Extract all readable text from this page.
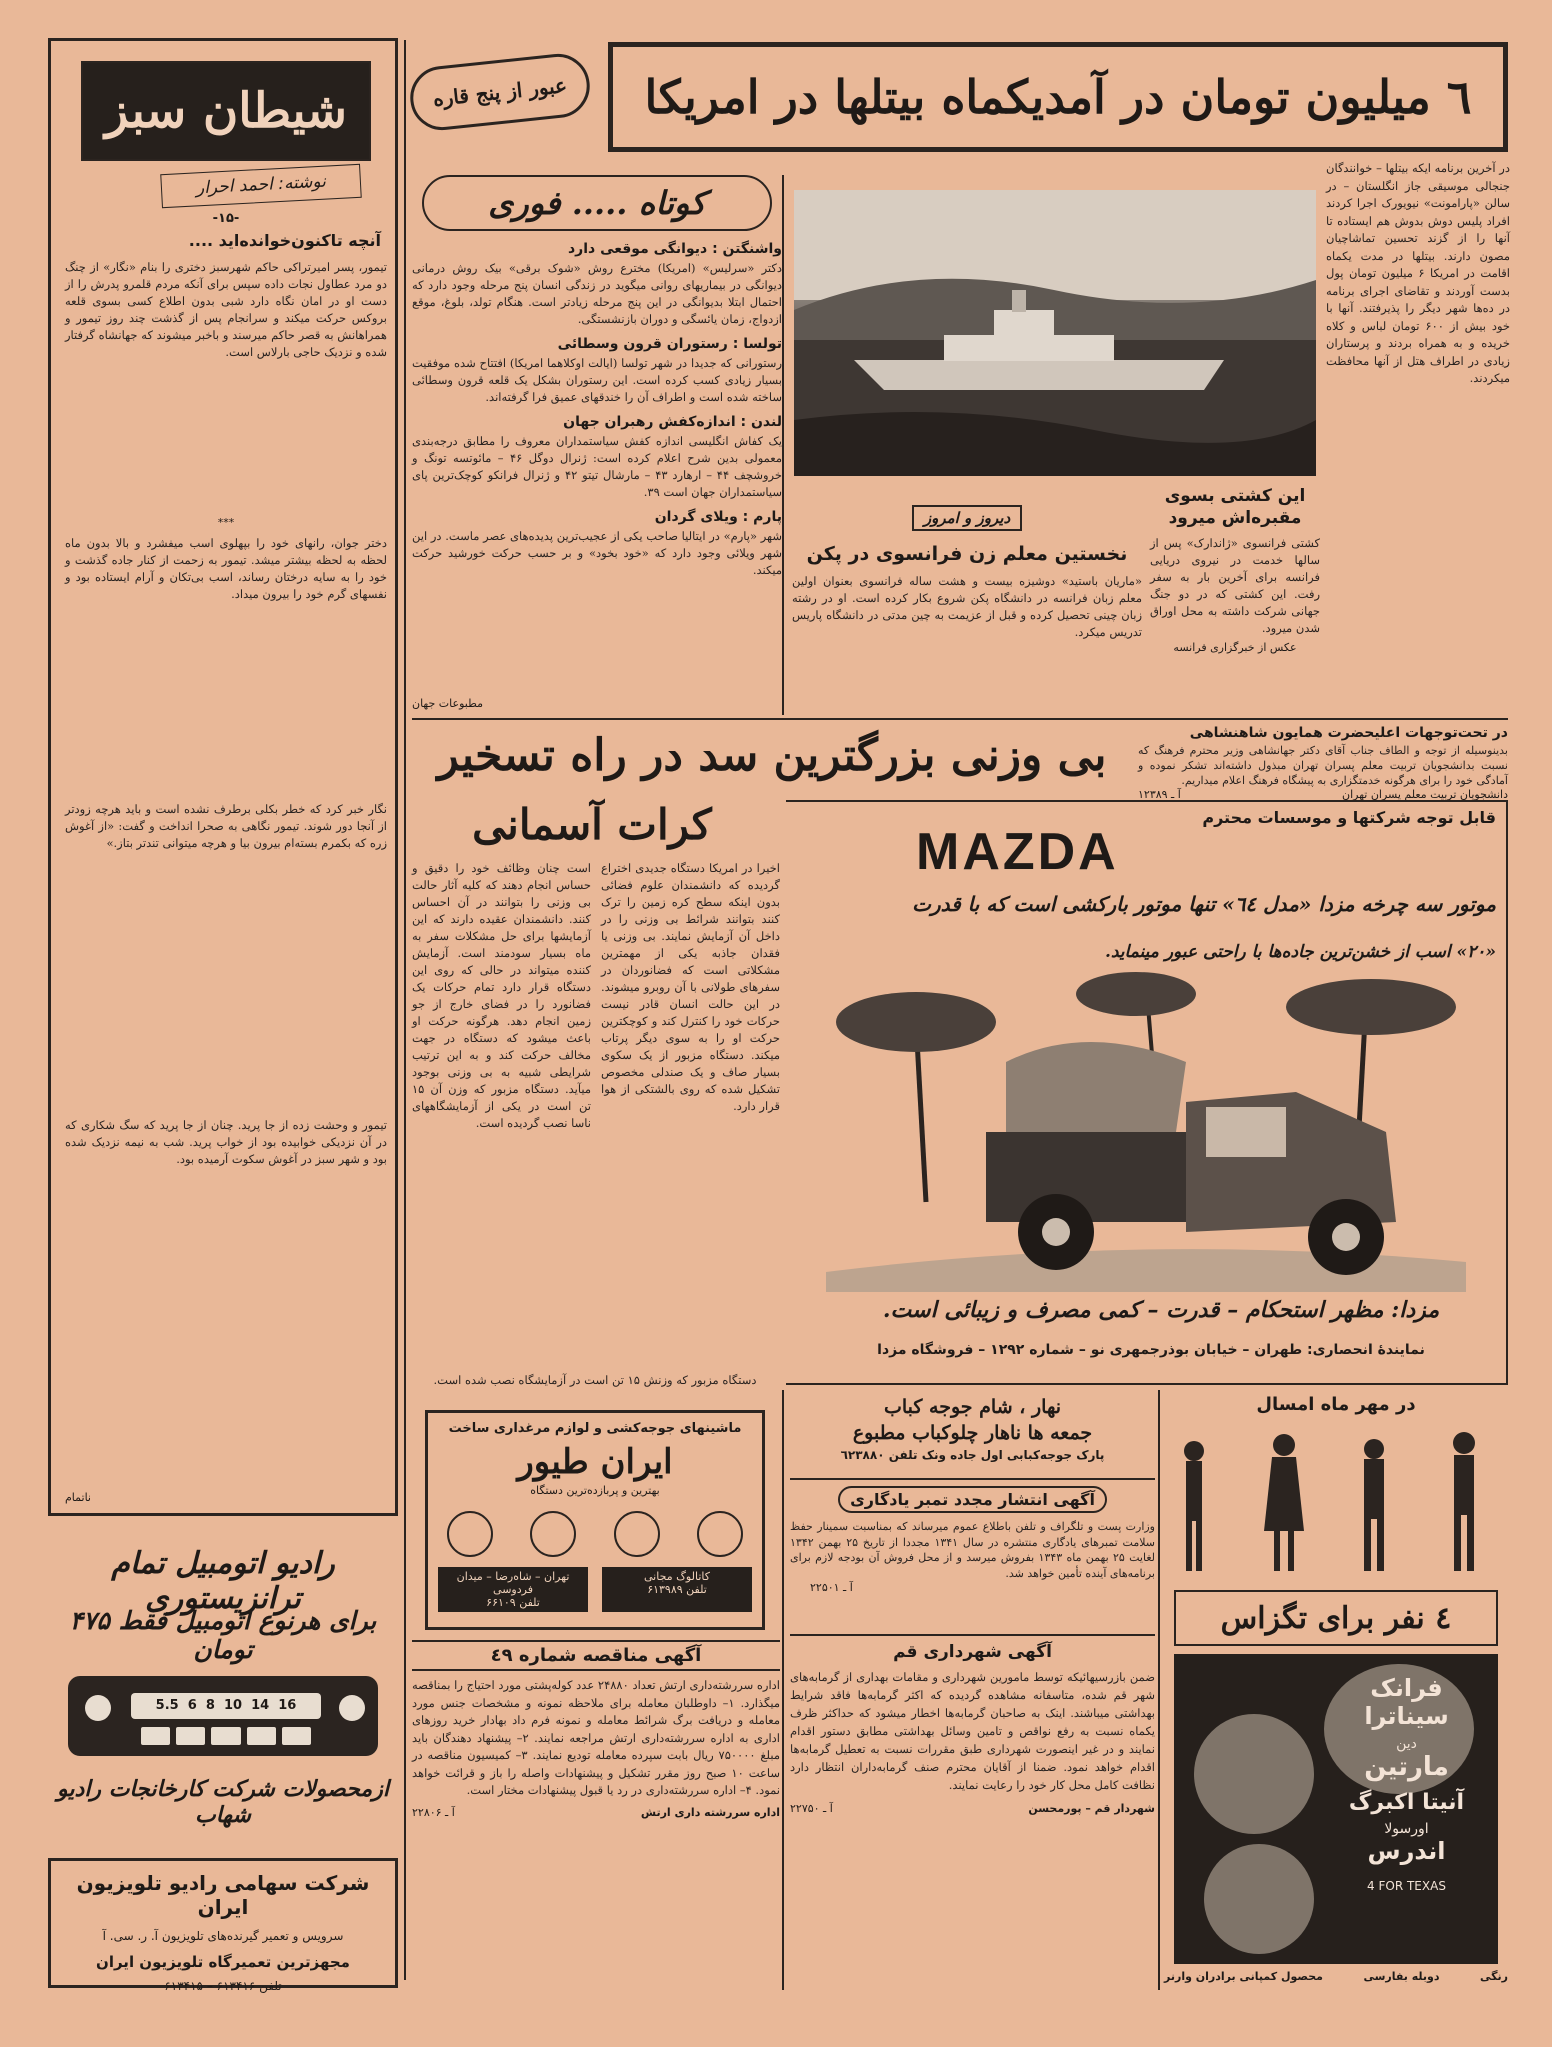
٦ میلیون تومان در آمدیکماه بیتلها در امریکا
عبور از پنج قاره
شیطان سبز
نوشته: احمد احرار
-۱۵-
آنچه تاکنون‌خوانده‌اید ....
تیمور، پسر امیرتراکی حاکم شهرسبز دختری را بنام «نگار» از چنگ دو مرد عطاول نجات داده سپس برای آنکه مردم قلمرو پدرش را از دست او در امان نگاه دارد شبی بدون اطلاع کسی بسوی قلعه بروکس حرکت میکند و سرانجام پس از گذشت چند روز تیمور و همراهانش به قصر حاکم میرسند و باخبر میشوند که جهانشاه گرفتار شده و نزدیک حاجی بارلاس است.
***
دختر جوان، رانهای خود را بپهلوی اسب میفشرد و بالا بدون ماه لحظه به لحظه بیشتر میشد. تیمور به زحمت از کنار جاده گذشت و خود را به سایه درختان رساند، اسب بی‌تکان و آرام ایستاده بود و نفسهای گرم خود را بیرون میداد.
نگار خبر کرد که خطر بکلی برطرف نشده است و باید هرچه زودتر از آنجا دور شوند. تیمور نگاهی به صحرا انداخت و گفت: «از آغوش زره که بکمرم بسته‌ام بیرون بیا و هرچه میتوانی تندتر بتاز.»
تیمور و وحشت زده از جا پرید. چنان از جا پرید که سگ شکاری که در آن نزدیکی خوابیده بود از خواب پرید. شب به نیمه نزدیک شده بود و شهر سبز در آغوش سکوت آرمیده بود.
ناتمام
رادیو اتومبیل تمام ترانزیستوری
برای هرنوع اتومبیل فقط ۴۷۵ تومان
5.5  6  8  10  14  16
ازمحصولات شرکت کارخانجات رادیو شهاب
شرکت سهامی رادیو تلویزیون ایران
سرویس و تعمیر گیرنده‌های تلویزیون آ. ر. سی. آ
مجهزترین تعمیرگاه تلویزیون ایران
تلفن ۶۱۳۴۱۶ – ۶۱۳۴۱۵
کوتاه ..... فوری
واشنگتن : دیوانگی موقعی دارد
دکتر «سرلیس» (امریکا) مخترع روش «شوک برقی» بیک روش درمانی دیوانگی در بیماریهای روانی میگوید در زندگی انسان پنج مرحله وجود دارد که احتمال ابتلا بدیوانگی در این پنج مرحله زیادتر است. هنگام تولد، بلوغ، موقع ازدواج، زمان یائسگی و دوران بازنشستگی.
تولسا : رستوران قرون وسطائی
رستورانی که جدیدا در شهر تولسا (ایالت اوکلاهما امریکا) افتتاح شده موفقیت بسیار زیادی کسب کرده است. این رستوران بشکل یک قلعه قرون وسطائی ساخته شده است و اطراف آن را خندقهای عمیق فرا گرفته‌اند.
لندن : اندازه‌کفش رهبران جهان
یک کفاش انگلیسی اندازه کفش سیاستمداران معروف را مطابق درجه‌بندی معمولی بدین شرح اعلام کرده است: ژنرال دوگل ۴۶ – مائوتسه تونگ و خروشچف ۴۴ – ارهارد ۴۳ – مارشال تیتو ۴۲ و ژنرال فرانکو کوچک‌ترین پای سیاستمداران جهان است ۳۹.
پارم : ویلای گردان
شهر «پارم» در ایتالیا صاحب یکی از عجیب‌ترین پدیده‌های عصر ماست. در این شهر ویلائی وجود دارد که «خود بخود» و بر حسب حرکت خورشید حرکت میکند.
مطبوعات جهان
در آخرین برنامه ایکه بیتلها – خوانندگان جنجالی موسیقی جاز انگلستان – در سالن «پارامونت» نیویورک اجرا کردند افراد پلیس دوش بدوش هم ایستاده تا آنها را از گزند تحسین تماشاچیان مصون دارند. بیتلها در مدت یکماه اقامت در امریکا ۶ میلیون تومان پول بدست آوردند و تقاضای اجرای برنامه در ده‌ها شهر دیگر را پذیرفتند. آنها با خود بیش از ۶۰۰ تومان لباس و کلاه خریده و به همراه بردند و پرستاران زیادی در اطراف هتل از آنها محافظت میکردند.
این کشتی بسوی مقبره‌اش میرود
کشتی فرانسوی «ژاندارک» پس از سالها خدمت در نیروی دریایی فرانسه برای آخرین بار به سفر رفت. این کشتی که در دو جنگ جهانی شرکت داشته به محل اوراق شدن میرود.
عکس از خبرگزاری فرانسه
دیروز و امروز
نخستین معلم زن فرانسوی در پکن
«ماریان باستید» دوشیزه بیست و هشت ساله فرانسوی بعنوان اولین معلم زبان فرانسه در دانشگاه پکن شروع بکار کرده است. او در رشته زبان چینی تحصیل کرده و قبل از عزیمت به چین مدتی در دانشگاه پاریس تدریس میکرد.
در تحت‌توجهات اعلیحضرت همایون شاهنشاهی
بدینوسیله از توجه و الطاف جناب آقای دکتر جهانشاهی وزیر محترم فرهنگ که نسبت بدانشجویان تربیت معلم پسران تهران مبذول داشته‌اند تشکر نموده و آمادگی خود را برای هرگونه خدمتگزاری به پیشگاه فرهنگ اعلام میداریم.
دانشجویان تربیت معلم پسران تهران
آ ـ ۱۲۳۸۹
بی وزنی بزرگترین سد در راه تسخیر
کرات آسمانی
اخیرا در امریکا دستگاه جدیدی اختراع گردیده که دانشمندان علوم فضائی بدون اینکه سطح کره زمین را ترک کنند بتوانند شرائط بی وزنی را در داخل آن آزمایش نمایند. بی وزنی یا فقدان جاذبه یکی از مهمترین مشکلاتی است که فضانوردان در سفرهای طولانی با آن روبرو میشوند. در این حالت انسان قادر نیست حرکات خود را کنترل کند و کوچکترین حرکت او را به سوی دیگر پرتاب میکند. دستگاه مزبور از یک سکوی بسیار صاف و یک صندلی مخصوص تشکیل شده که روی بالشتکی از هوا قرار دارد.
است چنان وظائف خود را دقیق و حساس انجام دهند که کلیه آثار حالت بی وزنی را بتوانند در آن احساس کنند. دانشمندان عقیده دارند که این آزمایشها برای حل مشکلات سفر به ماه بسیار سودمند است. آزمایش کننده میتواند در حالی که روی این دستگاه قرار دارد تمام حرکات یک فضانورد را در فضای خارج از جو زمین انجام دهد. هرگونه حرکت او باعث میشود که دستگاه در جهت مخالف حرکت کند و به این ترتیب شرایطی شبیه به بی وزنی بوجود میآید. دستگاه مزبور که وزن آن ۱۵ تن است در یکی از آزمایشگاههای ناسا نصب گردیده است.
دستگاه مزبور که وزنش ۱۵ تن است در آزمایشگاه نصب شده است.
قابل توجه شرکتها و موسسات محترم
MAZDA
موتور سه چرخه مزدا «مدل ٦٤» تنها موتور بارکشی است که با قدرت
«۲۰» اسب از خشن‌ترین جاده‌ها با راحتی عبور مینماید.
مزدا: مظهر استحکام – قدرت – کمی مصرف و زیبائی است.
نمایندهٔ انحصاری: طهران – خیابان بوذرجمهری نو – شماره ۱۲۹۲ – فروشگاه مزدا
ماشینهای جوجه‌کشی و لوازم مرغداری ساخت
ایران طیور
بهترین و پربازده‌ترین دستگاه
کاتالوگ مجانی
تلفن ۶۱۳۹۸۹
تهران – شاه‌رضا – میدان فردوسی
تلفن ۶۶۱۰۹
آگهی مناقصه شماره ٤٩
اداره سررشته‌داری ارتش تعداد ۲۴۸۸۰ عدد کوله‌پشتی مورد احتیاج را بمناقصه میگذارد. ۱– داوطلبان معامله برای ملاحظه نمونه و مشخصات جنس مورد معامله و دریافت برگ شرائط معامله و نمونه فرم داد بهادار خرید روزهای اداری به اداره سررشته‌داری ارتش مراجعه نمایند. ۲– پیشنهاد دهندگان باید مبلغ ۷۵۰۰۰۰ ریال بابت سپرده معامله تودیع نمایند. ۳– کمیسیون مناقصه در ساعت ۱۰ صبح روز مقرر تشکیل و پیشنهادات واصله را باز و قرائت خواهد نمود. ۴– اداره سررشته‌داری در رد یا قبول پیشنهادات مختار است.
اداره سررشته داری ارتش
آ ـ ۲۲۸۰۶
نهار ، شام جوجه کباب
جمعه ها ناهار چلوکباب مطبوع
پارک جوجه‌کبابی اول جاده ونک تلفن ٦٢٣٨٨٠
آگهی انتشار مجدد تمبر یادگاری
وزارت پست و تلگراف و تلفن باطلاع عموم میرساند که بمناسبت سمینار حفظ سلامت تمبرهای یادگاری منتشره در سال ۱۳۴۱ مجددا از تاریخ ۲۵ بهمن ۱۳۴۲ لغایت ۲۵ بهمن ماه ۱۳۴۳ بفروش میرسد و از محل فروش آن بودجه لازم برای برنامه‌های آینده تأمین خواهد شد.
آ ـ ۲۲۵۰۱
آگهی شهرداری قم
ضمن بازرسیهائیکه توسط مامورین شهرداری و مقامات بهداری از گرمابه‌های شهر قم شده، متاسفانه مشاهده گردیده که اکثر گرمابه‌ها فاقد شرایط بهداشتی میباشند. اینک به صاحبان گرمابه‌ها اخطار میشود که حداکثر ظرف یکماه نسبت به رفع نواقص و تامین وسائل بهداشتی مطابق دستور اقدام نمایند و در غیر اینصورت شهرداری طبق مقررات نسبت به تعطیل گرمابه‌ها اقدام خواهد نمود. ضمنا از آقایان محترم صنف گرمابه‌داران انتظار دارد نظافت کامل محل کار خود را رعایت نمایند.
شهردار قم – پورمحسن
آ ـ ۲۲۷۵۰
در مهر ماه امسال
٤ نفر برای تگزاس
فرانک سیناترا
دین
مارتین
آنیتا اکبرگ
اورسولا
اندرس
4 FOR TEXAS
رنگی
دوبله بفارسی
محصول کمپانی برادران وارنر
